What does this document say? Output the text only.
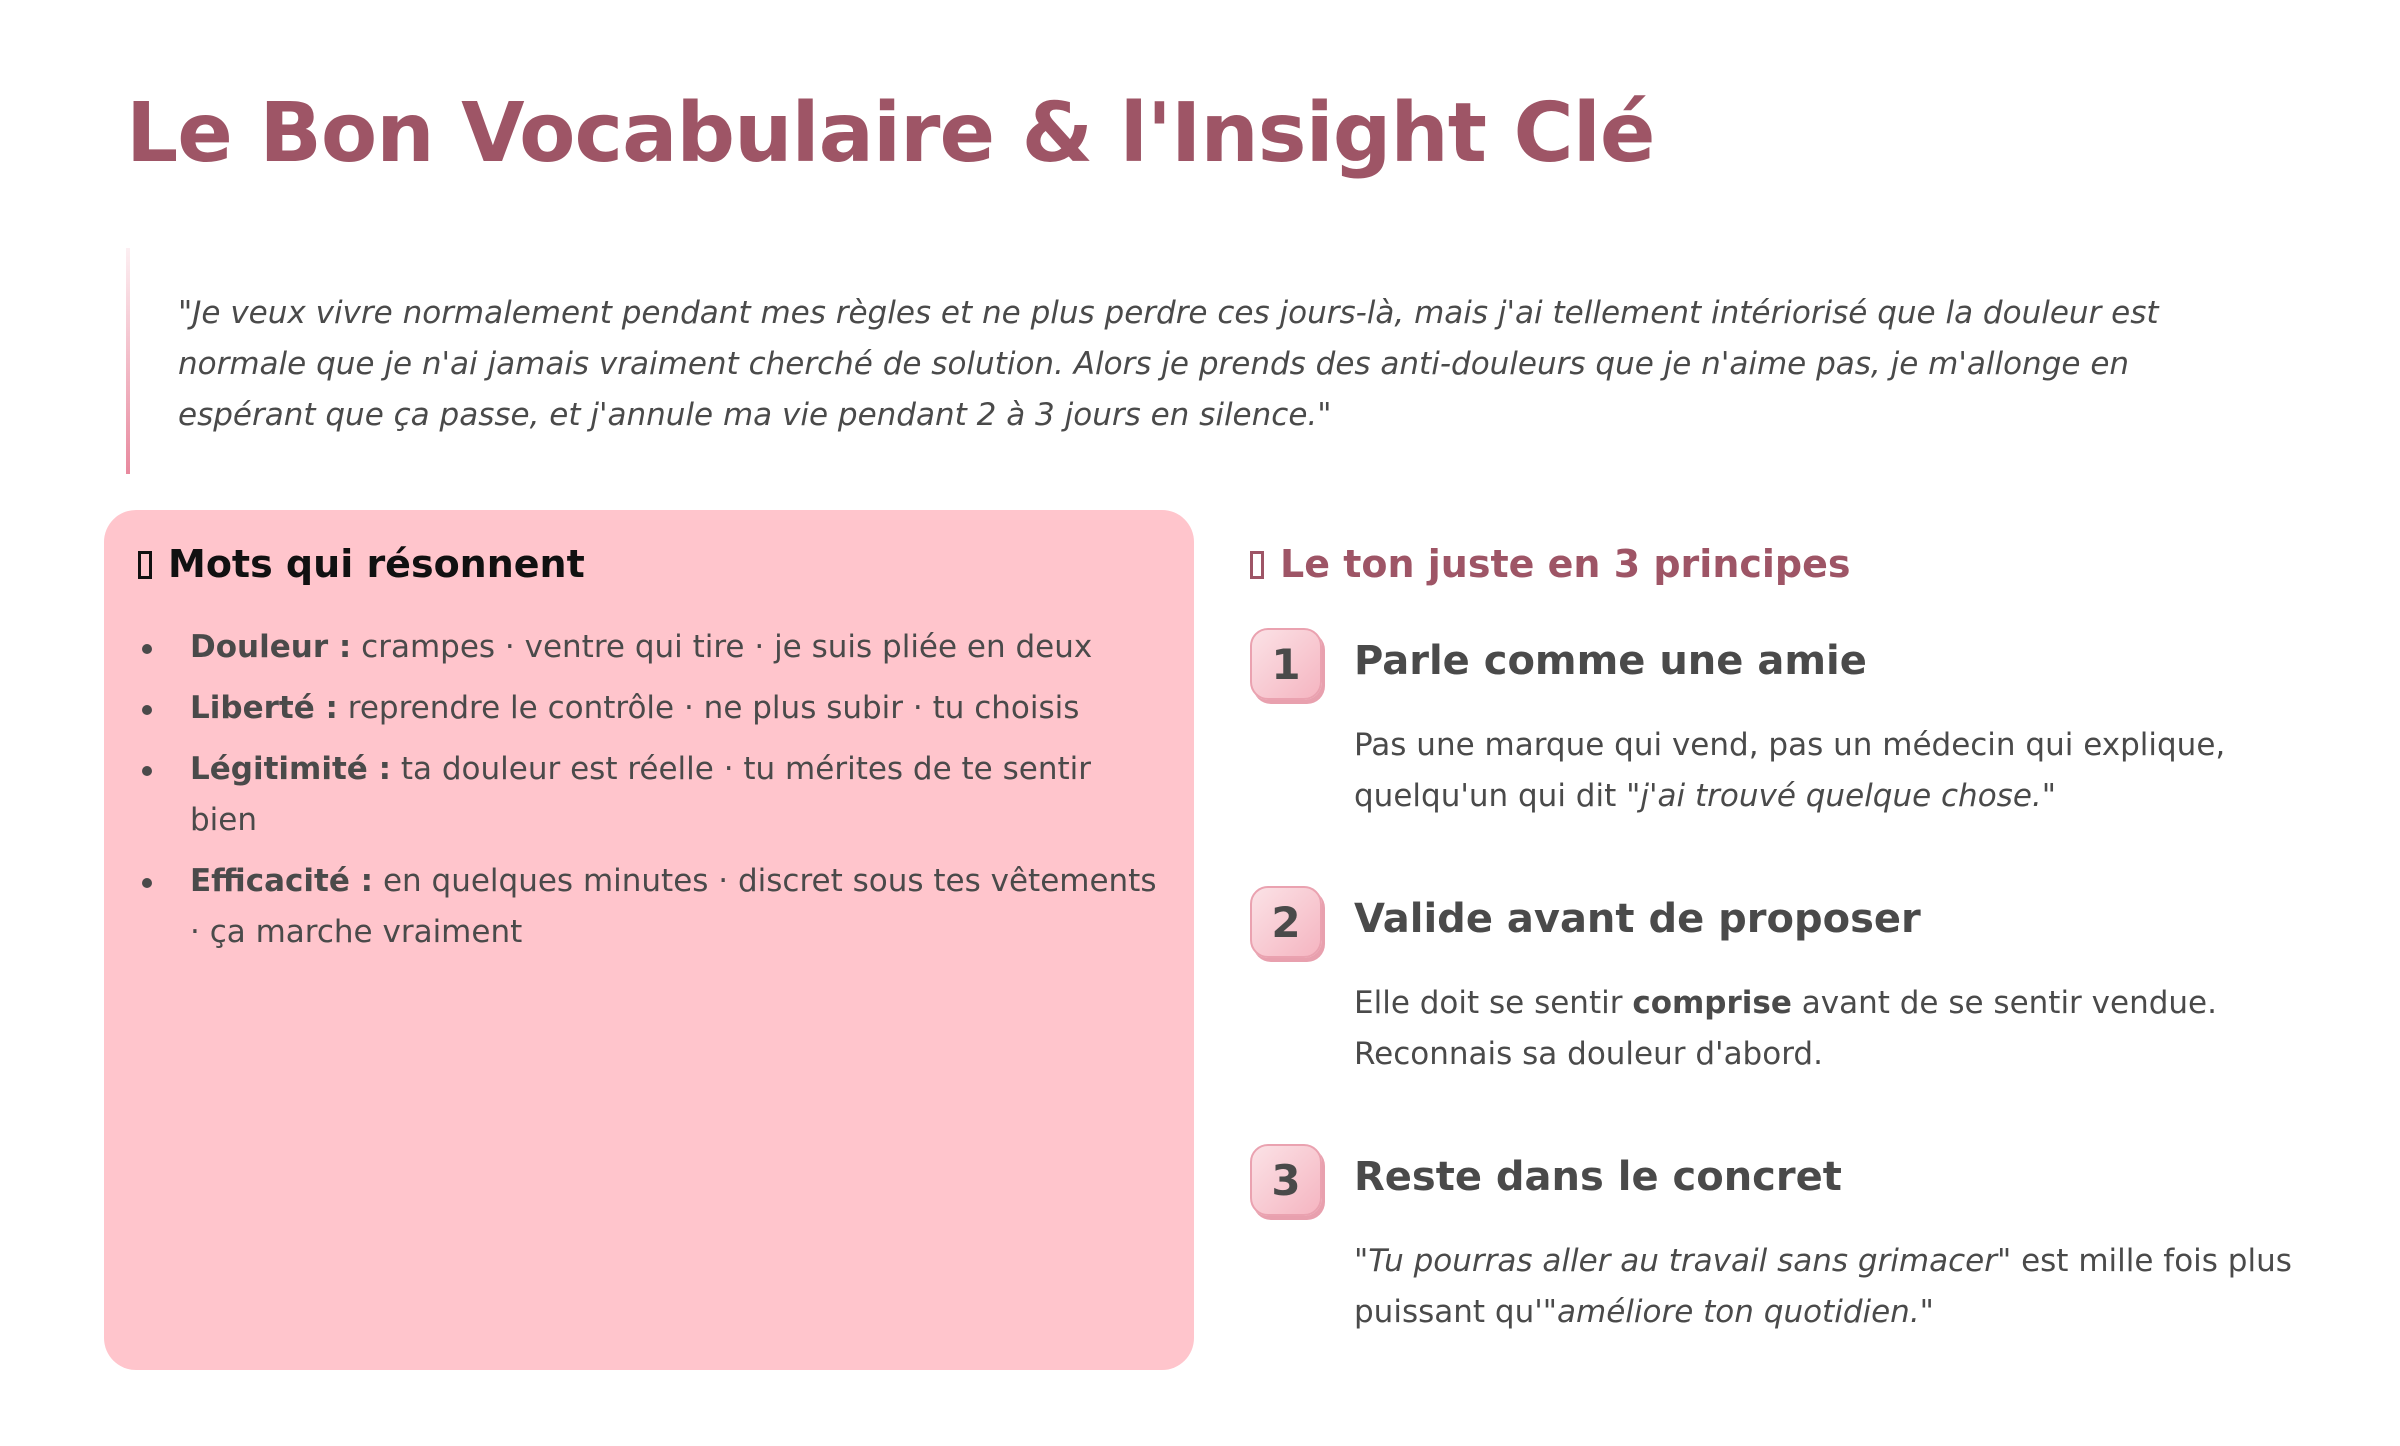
Le Bon Vocabulaire & l'Insight Clé
"Je veux vivre normalement pendant mes règles et ne plus perdre ces jours-là, mais j'ai tellement intériorisé que la douleur est normale que je n'ai jamais vraiment cherché de solution. Alors je prends des anti-douleurs que je n'aime pas, je m'allonge en espérant que ça passe, et j'annule ma vie pendant 2 à 3 jours en silence."
Mots qui résonnent
Douleur : crampes · ventre qui tire · je suis pliée en deux
Liberté : reprendre le contrôle · ne plus subir · tu choisis
Légitimité : ta douleur est réelle · tu mérites de te sentir bien
Efficacité : en quelques minutes · discret sous tes vêtements · ça marche vraiment
Le ton juste en 3 principes
1	Parle comme une amie

Pas une marque qui vend, pas un médecin qui explique, quelqu'un qui dit "j'ai trouvé quelque chose."

2	Valide avant de proposer

Elle doit se sentir comprise avant de se sentir vendue. Reconnais sa douleur d'abord.

3	Reste dans le concret

"Tu pourras aller au travail sans grimacer" est mille fois plus puissant qu'"améliore ton quotidien."
